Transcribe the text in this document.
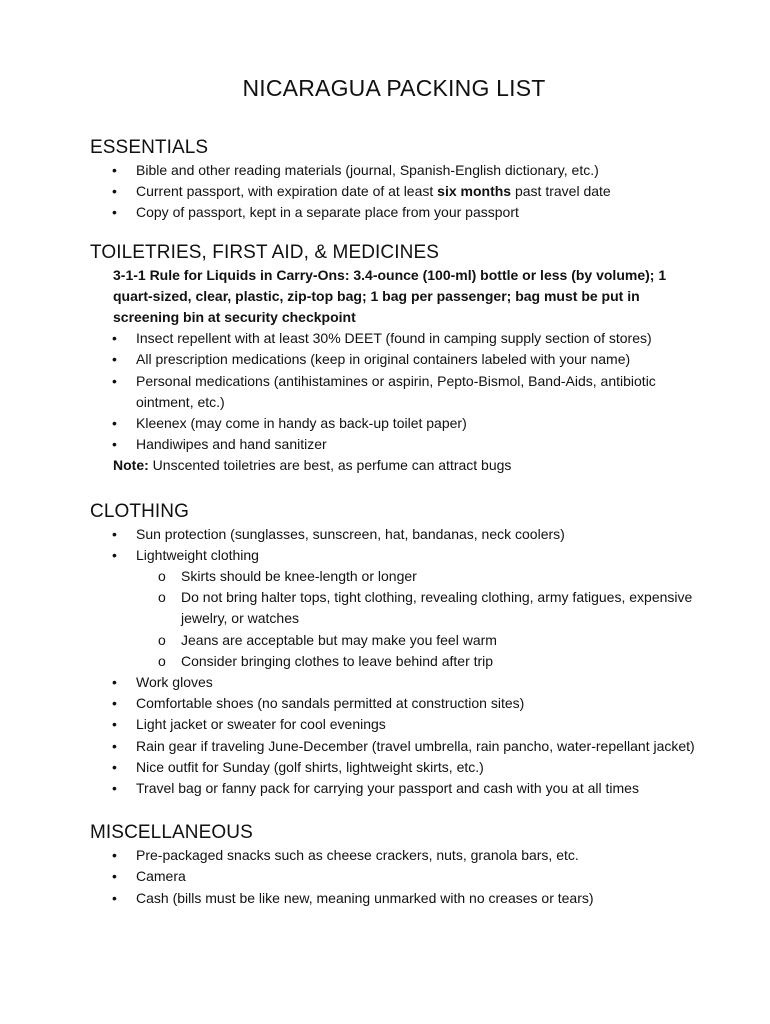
NICARAGUA PACKING LIST
ESSENTIALS
•	Bible and other reading materials (journal, Spanish-English dictionary, etc.)
•	Current passport, with expiration date of at least six months past travel date
•	Copy of passport, kept in a separate place from your passport
TOILETRIES, FIRST AID, & MEDICINES
3-1-1 Rule for Liquids in Carry-Ons: 3.4-ounce (100-ml) bottle or less (by volume); 1 quart-sized, clear, plastic, zip-top bag; 1 bag per passenger; bag must be put in screening bin at security checkpoint
•	Insect repellent with at least 30% DEET (found in camping supply section of stores)
•	All prescription medications (keep in original containers labeled with your name)
•	Personal medications (antihistamines or aspirin, Pepto-Bismol, Band-Aids, antibiotic ointment, etc.)
•	Kleenex (may come in handy as back-up toilet paper)
•	Handiwipes and hand sanitizer
Note: Unscented toiletries are best, as perfume can attract bugs
CLOTHING
•	Sun protection (sunglasses, sunscreen, hat, bandanas, neck coolers)
•	Lightweight clothing
o	Skirts should be knee-length or longer
o	Do not bring halter tops, tight clothing, revealing clothing, army fatigues, expensive jewelry, or watches
o	Jeans are acceptable but may make you feel warm
o	Consider bringing clothes to leave behind after trip
•	Work gloves
•	Comfortable shoes (no sandals permitted at construction sites)
•	Light jacket or sweater for cool evenings
•	Rain gear if traveling June-December (travel umbrella, rain pancho, water-repellant jacket)
•	Nice outfit for Sunday (golf shirts, lightweight skirts, etc.)
•	Travel bag or fanny pack for carrying your passport and cash with you at all times
MISCELLANEOUS
•	Pre-packaged snacks such as cheese crackers, nuts, granola bars, etc.
•	Camera
•	Cash (bills must be like new, meaning unmarked with no creases or tears)
